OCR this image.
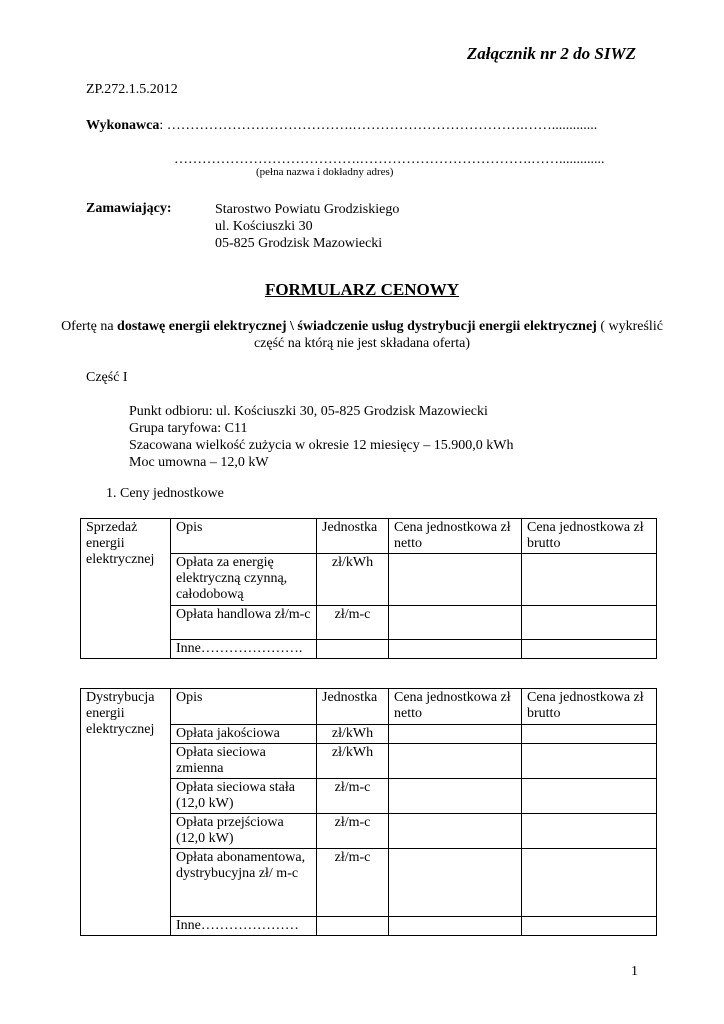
Załącznik nr 2 do SIWZ
ZP.272.1.5.2012
Wykonawca: ………………………………….……………………………….…….............
………………………………….……………………………….…….............
(pełna nazwa i dokładny adres)
Zamawiający:	Starostwo Powiatu Grodziskiego
ul. Kościuszki 30
05-825 Grodzisk Mazowiecki
FORMULARZ CENOWY
Ofertę na dostawę energii elektrycznej \ świadczenie usług dystrybucji energii elektrycznej ( wykreślić część na którą nie jest składana oferta)
Część I
Punkt odbioru: ul. Kościuszki 30, 05-825 Grodzisk Mazowiecki
Grupa taryfowa: C11
Szacowana wielkość zużycia w okresie 12 miesięcy – 15.900,0 kWh
Moc umowna – 12,0 kW
1. Ceny jednostkowe
Sprzedaż energii elektrycznej	Opis	Jednostka	Cena jednostkowa zł netto	Cena jednostkowa zł brutto
	Opłata za energię elektryczną czynną, całodobową	zł/kWh		
	Opłata handlowa zł/m-c	zł/m-c		
	Inne………………….			
Dystrybucja energii elektrycznej	Opis	Jednostka	Cena jednostkowa zł netto	Cena jednostkowa zł brutto
	Opłata jakościowa	zł/kWh		
	Opłata sieciowa zmienna	zł/kWh		
	Opłata sieciowa stała (12,0 kW)	zł/m-c		
	Opłata przejściowa (12,0 kW)	zł/m-c		
	Opłata abonamentowa, dystrybucyjna zł/ m-c	zł/m-c		
	Inne…………………			
1
